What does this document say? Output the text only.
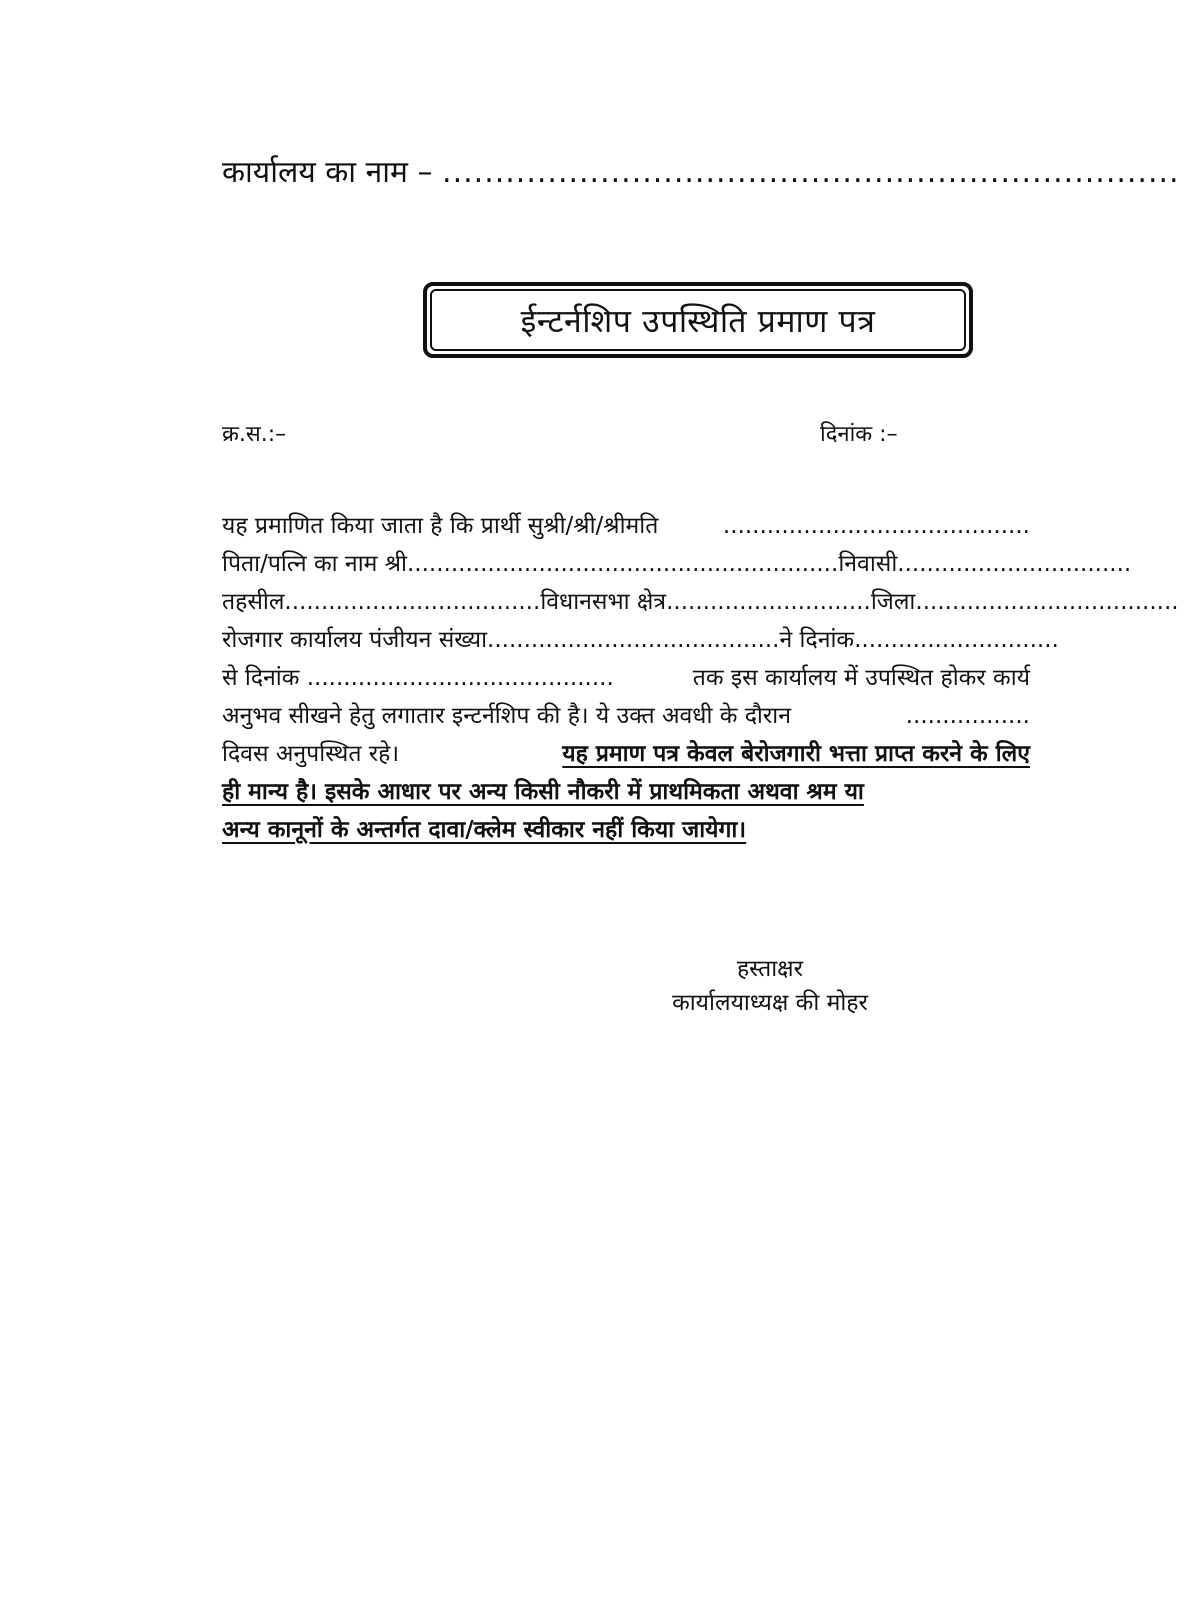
कार्यालय का नाम – ......................................................................
ईन्टर्नशिप उपस्थिति प्रमाण पत्र
क्र.स.:–	दिनांक :–
यह प्रमाणित किया जाता है कि प्रार्थी सुश्री/श्री/श्रीमति	..........................................
पिता/पत्नि का नाम श्री........................................................... निवासी................................
तहसील................................... विधानसभा क्षेत्र............................ जिला....................................
रोजगार कार्यालय पंजीयन संख्या........................................ ने दिनांक ............................
से दिनांक ..........................................	तक इस कार्यालय में उपस्थित होकर कार्य
अनुभव सीखने हेतु लगातार इन्टर्नशिप की है। ये उक्त अवधी के दौरान	.................
दिवस अनुपस्थित रहे।	यह प्रमाण पत्र केवल बेरोजगारी भत्ता प्राप्त करने के लिए
ही मान्य है। इसके आधार पर अन्य किसी नौकरी में प्राथमिकता अथवा श्रम या
अन्य कानूनों के अन्तर्गत दावा/क्लेम स्वीकार नहीं किया जायेगा।
हस्ताक्षर
कार्यालयाध्यक्ष की मोहर
